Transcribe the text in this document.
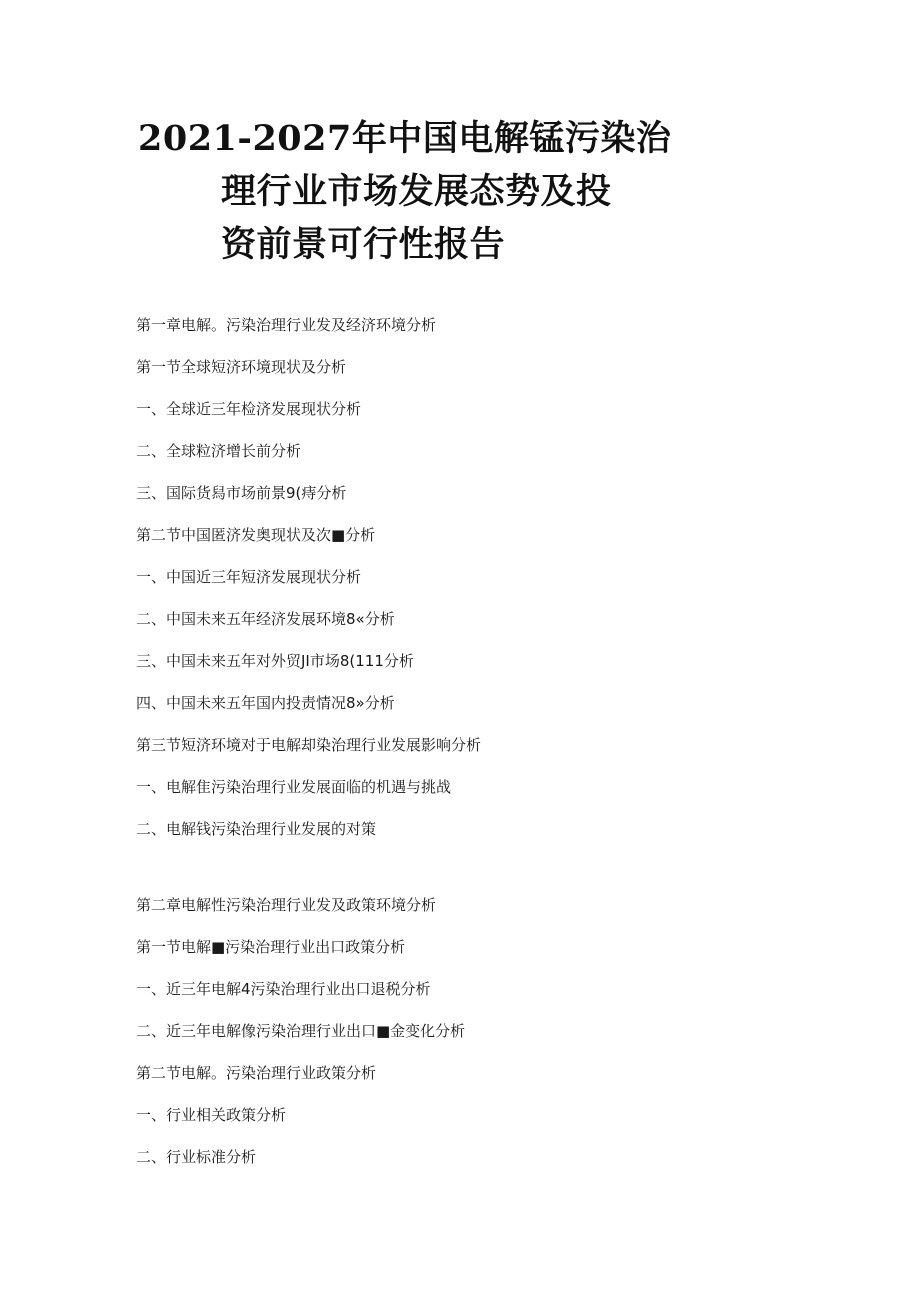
2021-2027年中国电解锰污染治
理行业市场发展态势及投
资前景可行性报告
第一章电解。污染治理行业发及经济环境分析
第一节全球短济环境现状及分析
一、全球近三年检济发展现状分析
二、全球粒济增长前分析
三、国际货舄市场前景9(痔分析
第二节中国匿济发奥现状及次■分析
一、中国近三年短济发展现状分析
二、中国未来五年经济发展环境8«分析
三、中国未来五年对外贸JI市场8(111分析
四、中国未来五年国内投责情况8»分析
第三节短济环境对于电解却染治理行业发展影响分析
一、电解隹污染治理行业发展面临的机遇与挑战
二、电解钱污染治理行业发展的对策
第二章电解性污染治理行业发及政策环境分析
第一节电解■污染治理行业出口政策分析
一、近三年电解4污染治理行业出口退税分析
二、近三年电解像污染治理行业出口■金变化分析
第二节电解。污染治理行业政策分析
一、行业相关政策分析
二、行业标准分析
